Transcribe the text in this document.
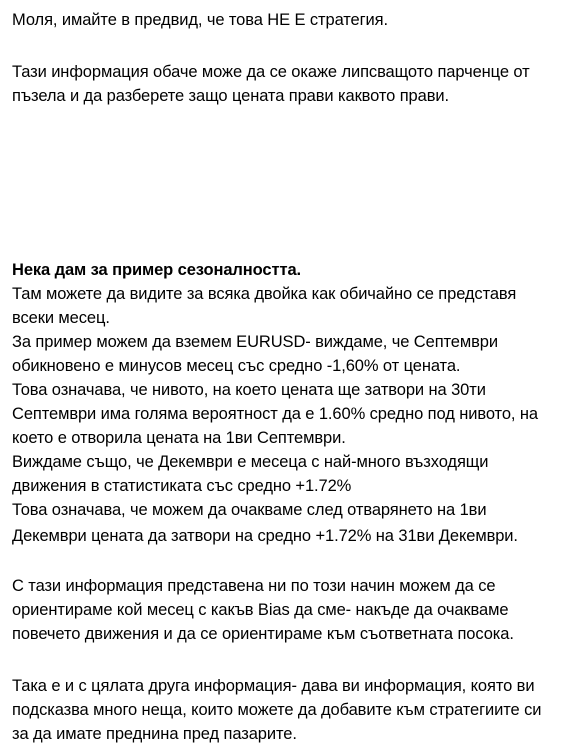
Моля, имайте в предвид, че това НЕ Е стратегия.
Тази информация обаче може да се окаже липсващото парченце от
пъзела и да разберете защо цената прави каквото прави.
Нека дам за пример сезоналността.
Там можете да видите за всяка двойка как обичайно се представя
всеки месец.
За пример можем да вземем EURUSD- виждаме, че Септември
обикновено е минусов месец със средно -1,60% от цената.
Това означава, че нивото, на което цената ще затвори на 30ти
Септември има голяма вероятност да е 1.60% средно под нивото, на
което е отворила цената на 1ви Септември.
Виждаме също, че Декември е месеца с най-много възходящи
движения в статистиката със средно +1.72%
Това означава, че можем да очакваме след отварянето на 1ви
Декември цената да затвори на средно +1.72% на 31ви Декември.
С тази информация представена ни по този начин можем да се
ориентираме кой месец с какъв Bias да сме- накъде да очакваме
повечето движения и да се ориентираме към съответната посока.
Така е и с цялата друга информация- дава ви информация, която ви
подсказва много неща, които можете да добавите към стратегиите си
за да имате преднина пред пазарите.
